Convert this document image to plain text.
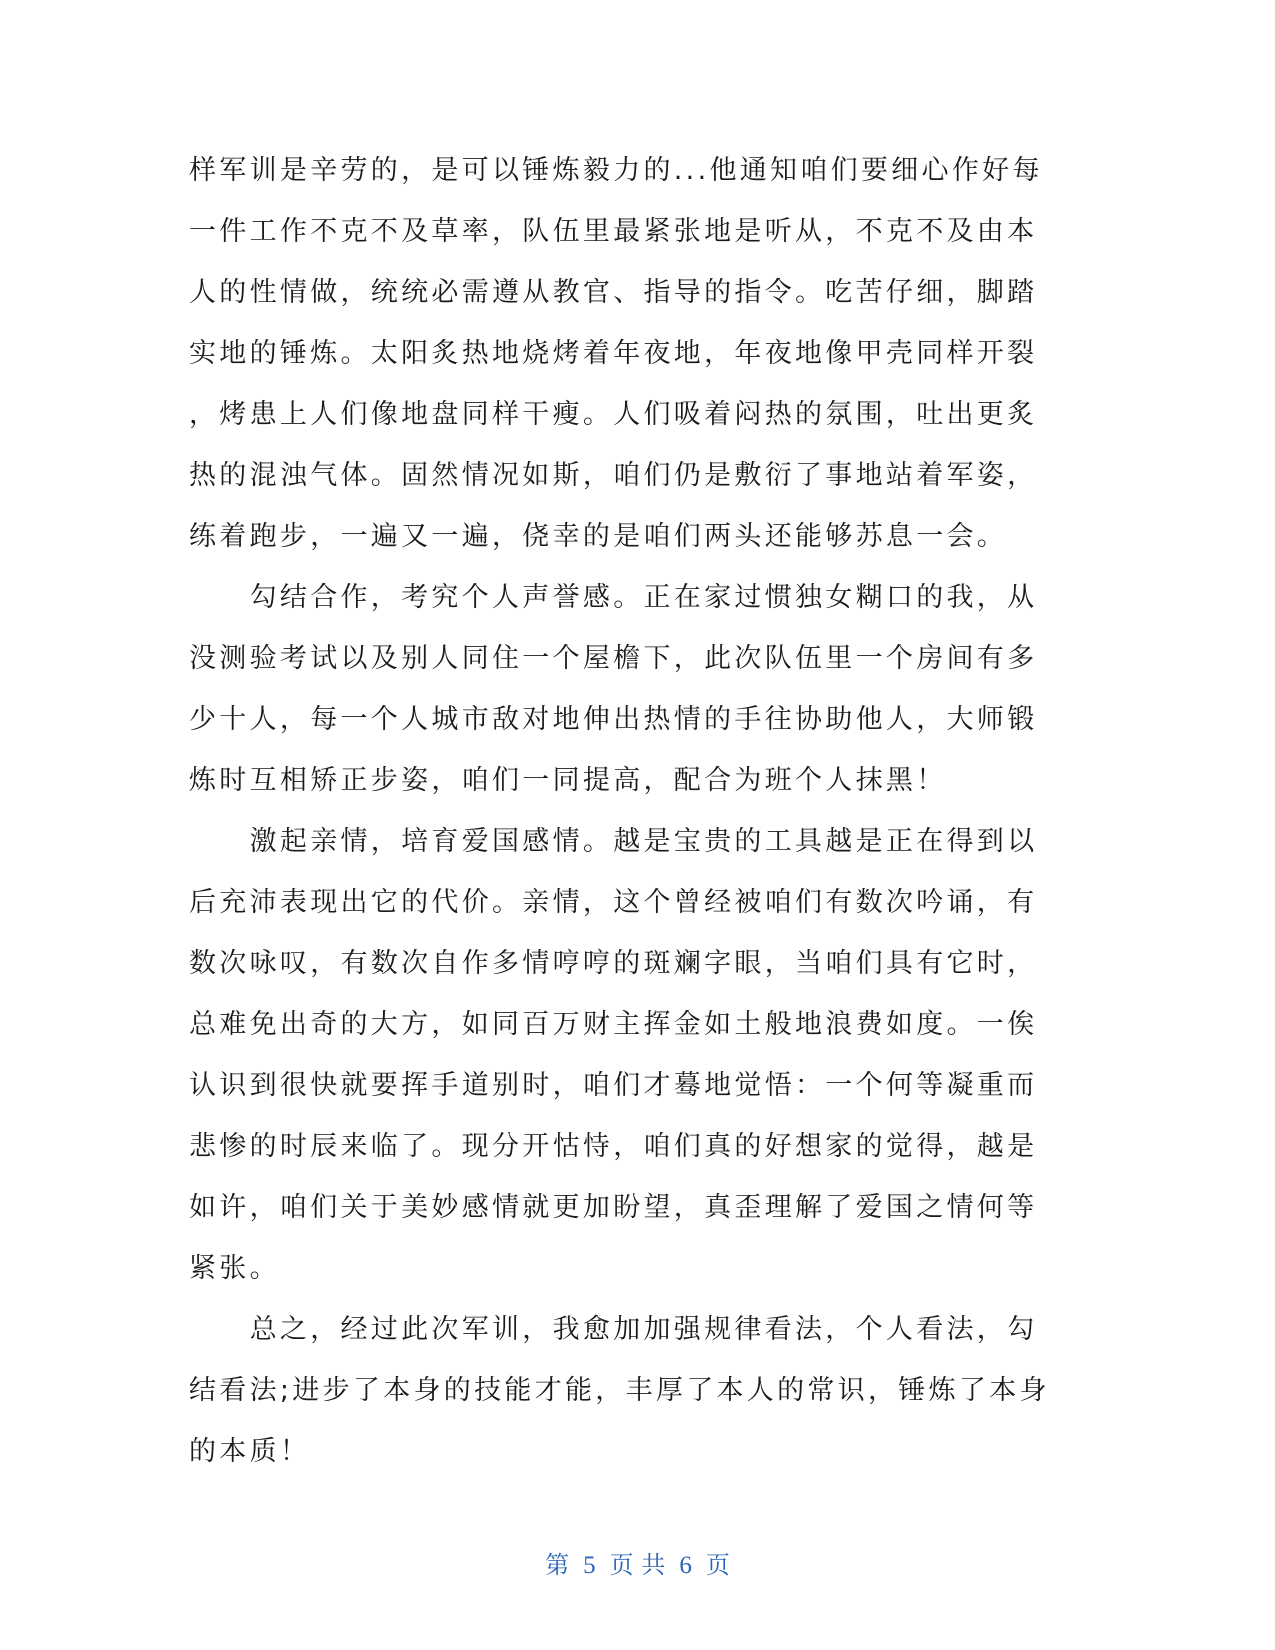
样军训是辛劳的，是可以锤炼毅力的...他通知咱们要细心作好每
一件工作不克不及草率，队伍里最紧张地是听从，不克不及由本
人的性情做，统统必需遵从教官、指导的指令。吃苦仔细，脚踏
实地的锤炼。太阳炙热地烧烤着年夜地，年夜地像甲壳同样开裂
，烤患上人们像地盘同样干瘦。人们吸着闷热的氛围，吐出更炙
热的混浊气体。固然情况如斯，咱们仍是敷衍了事地站着军姿，
练着跑步，一遍又一遍，侥幸的是咱们两头还能够苏息一会。
　　勾结合作，考究个人声誉感。正在家过惯独女糊口的我，从
没测验考试以及别人同住一个屋檐下，此次队伍里一个房间有多
少十人，每一个人城市敌对地伸出热情的手往协助他人，大师锻
炼时互相矫正步姿，咱们一同提高，配合为班个人抹黑！
　　激起亲情，培育爱国感情。越是宝贵的工具越是正在得到以
后充沛表现出它的代价。亲情，这个曾经被咱们有数次吟诵，有
数次咏叹，有数次自作多情哼哼的斑斓字眼，当咱们具有它时，
总难免出奇的大方，如同百万财主挥金如土般地浪费如度。一俟
认识到很快就要挥手道别时，咱们才蓦地觉悟：一个何等凝重而
悲惨的时辰来临了。现分开怙恃，咱们真的好想家的觉得，越是
如许，咱们关于美妙感情就更加盼望，真歪理解了爱国之情何等
紧张。
　　总之，经过此次军训，我愈加加强规律看法，个人看法，勾
结看法;进步了本身的技能才能，丰厚了本人的常识，锤炼了本身
的本质！
第 5 页 共 6 页
